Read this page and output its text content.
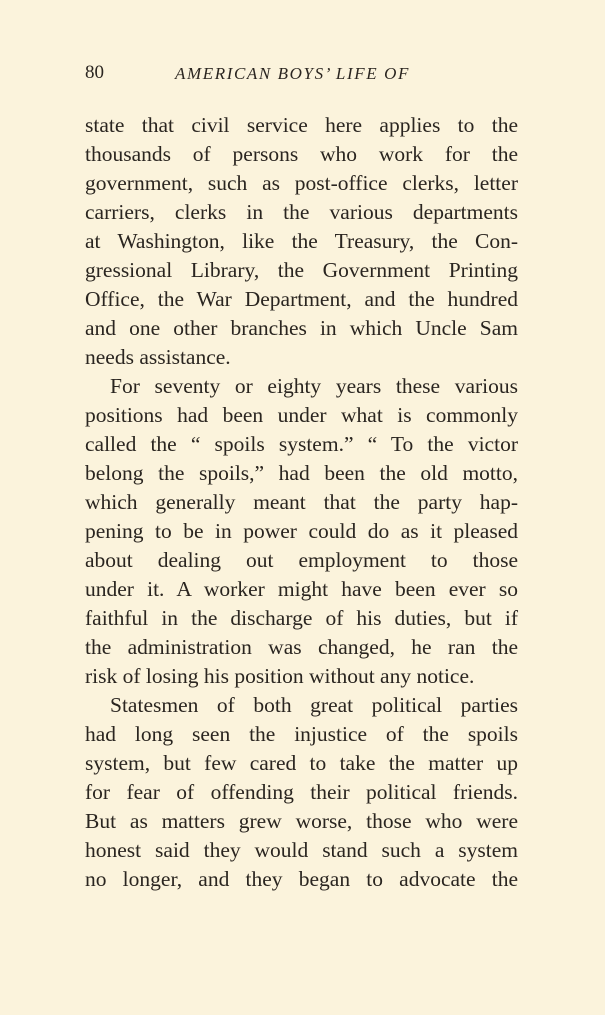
80	AMERICAN BOYS’ LIFE OF
state that civil service here applies to the
thousands of persons who work for the
government, such as post-office clerks, letter
carriers, clerks in the various departments
at Washington, like the Treasury, the Con-
gressional Library, the Government Printing
Office, the War Department, and the hundred
and one other branches in which Uncle Sam
needs assistance.
For seventy or eighty years these various
positions had been under what is commonly
called the “ spoils system.” “ To the victor
belong the spoils,” had been the old motto,
which generally meant that the party hap-
pening to be in power could do as it pleased
about dealing out employment to those
under it. A worker might have been ever so
faithful in the discharge of his duties, but if
the administration was changed, he ran the
risk of losing his position without any notice.
Statesmen of both great political parties
had long seen the injustice of the spoils
system, but few cared to take the matter up
for fear of offending their political friends.
But as matters grew worse, those who were
honest said they would stand such a system
no longer, and they began to advocate the
